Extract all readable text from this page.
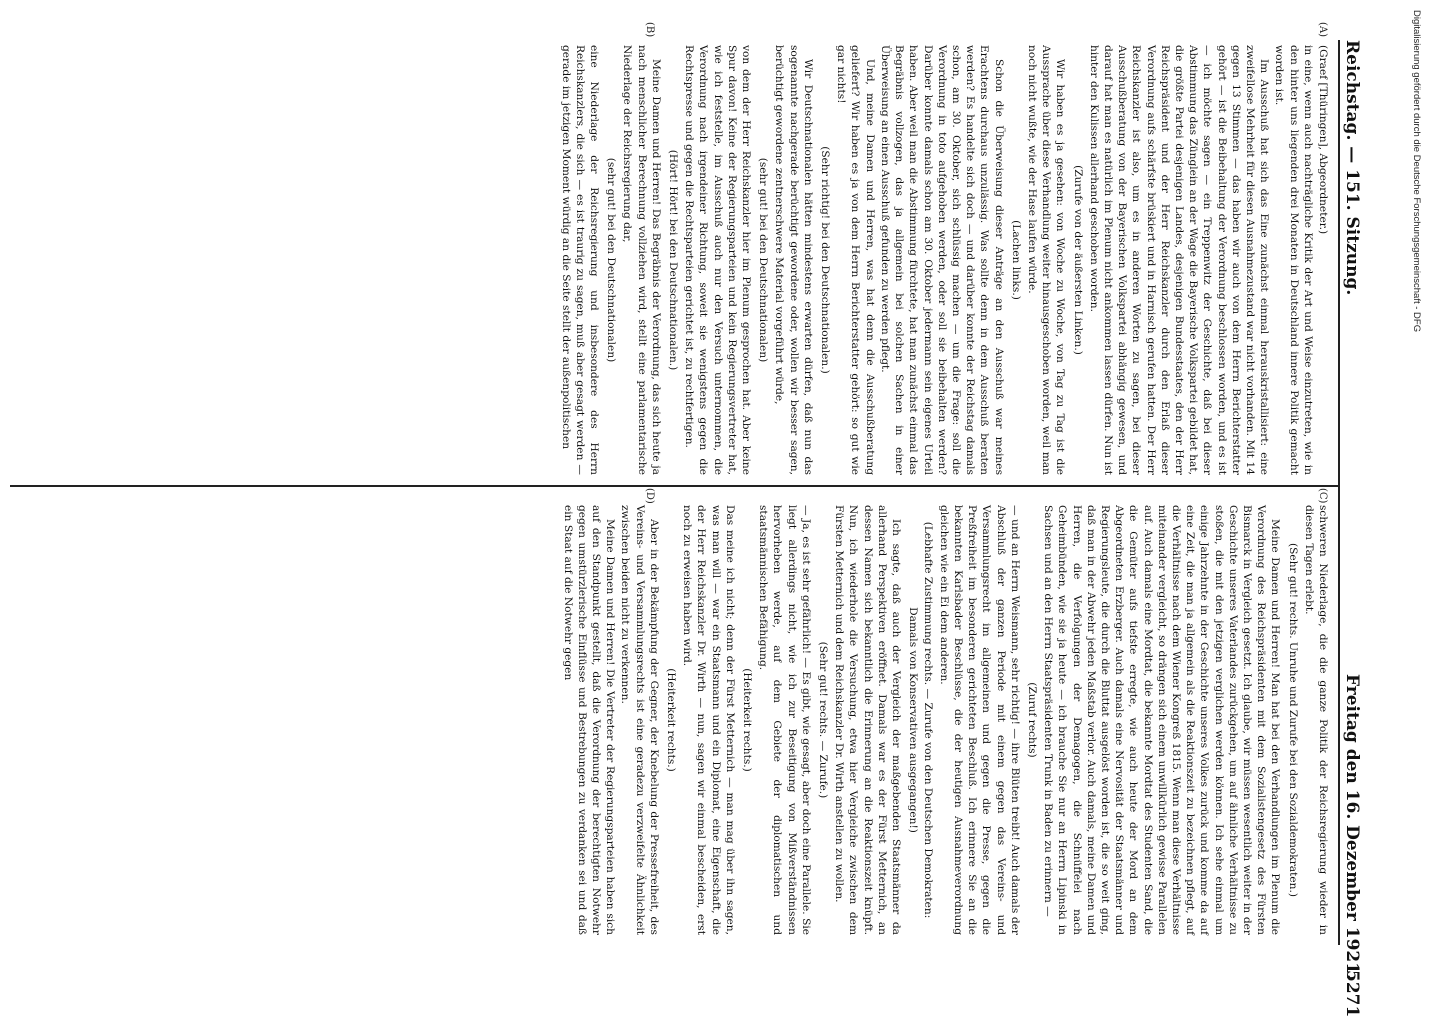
Reichstag. — 151. Sitzung.
Freitag den 16. Dezember 1921.
5271
(A)
(B)
(C)
(D)

(Graef [Thüringen], Abgeordneter.)

in eine, wenn auch nachträgliche Kritik der Art und Weise einzutreten, wie in den hinter uns liegenden drei Monaten in Deutschland innere Politik gemacht worden ist.

Im Ausschuß hat sich das Eine zunächst einmal herauskristallisiert: eine zweifellose Mehrheit für diesen Ausnahmezustand war nicht vorhanden. Mit 14 gegen 13 Stimmen — das haben wir auch von dem Herrn Berichterstatter gehört — ist die Beibehaltung der Verordnung beschlossen worden, und es ist — ich möchte sagen — ein Treppenwitz der Geschichte, daß bei dieser Abstimmung das Zünglein an der Wage die Bayerische Volkspartei gebildet hat, die größte Partei desjenigen Landes, desjenigen Bundesstaates, den der Herr Reichspräsident und der Herr Reichskanzler durch den Erlaß dieser Verordnung aufs schärfste brüskiert und in Harnisch gerufen hatten. Der Herr Reichskanzler ist also, um es in anderen Worten zu sagen, bei dieser Ausschußberatung von der Bayerischen Volkspartei abhängig gewesen, und darauf hat man es natürlich im Plenum nicht ankommen lassen dürfen. Nun ist hinter den Kulissen allerhand geschoben worden.

(Zurufe von der äußersten Linken.)

Wir haben es ja gesehen: von Woche zu Woche, von Tag zu Tag ist die Aussprache über diese Verhandlung weiter hinausgeschoben worden, weil man noch nicht wußte, wie der Hase laufen würde.

(Lachen links.)

Schon die Überweisung dieser Anträge an den Ausschuß war meines Erachtens durchaus unzulässig. Was sollte denn in dem Ausschuß beraten werden? Es handelte sich doch — und darüber konnte der Reichstag damals schon, am 30. Oktober, sich schlüssig machen — um die Frage: soll die Verordnung in toto aufgehoben werden, oder soll sie beibehalten werden? Darüber konnte damals schon am 30. Oktober jedermann sein eigenes Urteil haben. Aber weil man die Abstimmung fürchtete, hat man zunächst einmal das Begräbnis vollzogen, das ja allgemein bei solchen Sachen in einer Überweisung an einen Ausschuß gefunden zu werden pflegt.

Und, meine Damen und Herren, was hat denn die Ausschußberatung geliefert? Wir haben es ja von dem Herrn Berichterstatter gehört: so gut wie gar nichts!

(Sehr richtig! bei den Deutschnationalen.)

Wir Deutschnationalen hätten mindestens erwarten dürfen, daß nun das sogenannte nachgerade berüchtigt gewordene oder, wollen wir besser sagen, berüchtigt gewordene zentnerschwere Material vorgeführt würde,

(sehr gut! bei den Deutschnationalen)

von dem der Herr Reichskanzler hier im Plenum gesprochen hat. Aber keine Spur davon! Keine der Regierungsparteien und kein Regierungsvertreter hat, wie ich feststelle, im Ausschuß auch nur den Versuch unternommen, die Verordnung nach irgendeiner Richtung, soweit sie wenigstens gegen die Rechtspresse und gegen die Rechtsparteien gerichtet ist, zu rechtfertigen.

(Hört! Hört! bei den Deutschnationalen.)

Meine Damen und Herren! Das Begräbnis der Verordnung, das sich heute ja nach menschlicher Berechnung vollziehen wird, stellt eine parlamentarische Niederlage der Reichsregierung dar,

(sehr gut! bei den Deutschnationalen)

eine Niederlage der Reichsregierung und insbesondere des Herrn Reichskanzlers, die sich — es ist traurig zu sagen, muß aber gesagt werden — gerade im jetzigen Moment würdig an die Seite stellt der außenpolitischen

schweren Niederlage, die die ganze Politik der Reichsregierung wieder in diesen Tagen erlebt.

(Sehr gut! rechts. Unruhe und Zurufe bei den Sozialdemokraten.)

Meine Damen und Herren! Man hat bei den Verhandlungen im Plenum die Verordnung des Reichspräsidenten mit dem Sozialistengesetz des Fürsten Bismarck in Vergleich gesetzt. Ich glaube, wir müssen wesentlich weiter in der Geschichte unseres Vaterlandes zurückgehen, um auf ähnliche Verhältnisse zu stoßen, die mit den jetzigen verglichen werden können. Ich sehe einmal um einige Jahrzehnte in der Geschichte unseres Volkes zurück und komme da auf eine Zeit, die man ja allgemein als die Reaktionszeit zu bezeichnen pflegt, auf die Verhältnisse nach dem Wiener Kongreß 1815. Wenn man diese Verhältnisse miteinander vergleicht, so drängen sich einem unwillkürlich gewisse Parallelen auf. Auch damals eine Mordtat, die bekannte Mordtat des Studenten Sand, die die Gemüter aufs tiefste erregte, wie auch heute der Mord an dem Abgeordneten Erzberger. Auch damals eine Nervosität der Staatsmänner und Regierungsleute, die durch die Bluttat ausgelöst worden ist, die so weit ging, daß man in der Abwehr jeden Maßstab verlor. Auch damals, meine Damen und Herren, die Verfolgungen der Demagogen, die Schnüffelei nach Geheimbünden, wie sie ja heute — ich brauche Sie nur an Herrn Lipinski in Sachsen und an den Herrn Staatspräsidenten Trunk in Baden zu erinnern —

(Zuruf rechts)

— und an Herrn Weismann, sehr richtig! — ihre Blüten treibt! Auch damals der Abschluß der ganzen Periode mit einem gegen das Vereins- und Versammlungsrecht im allgemeinen und gegen die Presse, gegen die Preßfreiheit im besonderen gerichteten Beschluß. Ich erinnere Sie an die bekannten Karlsbader Beschlüsse, die der heutigen Ausnahmeverordnung gleichen wie ein Ei dem anderen.

(Lebhafte Zustimmung rechts. — Zurufe von den Deutschen Demokraten: Damals von Konservativen ausgegangen!)

Ich sagte, daß auch der Vergleich der maßgebenden Staatsmänner da allerhand Perspektiven eröffnet. Damals war es der Fürst Metternich, an dessen Namen sich bekanntlich die Erinnerung an die Reaktionszeit knüpft. Nun, ich wiederhole die Versuchung, etwa hier Vergleiche zwischen dem Fürsten Metternich und dem Reichskanzler Dr. Wirth anstellen zu wollen.

(Sehr gut! rechts. — Zurufe.)

— Ja, es ist sehr gefährlich! — Es gibt, wie gesagt, aber doch eine Parallele. Sie liegt allerdings nicht, wie ich zur Beseitigung von Mißverständnissen hervorheben werde, auf dem Gebiete der diplomatischen und staatsmännischen Befähigung.

(Heiterkeit rechts.)

Das meine ich nicht; denn der Fürst Metternich — man mag über ihn sagen, was man will — war ein Staatsmann und ein Diplomat, eine Eigenschaft, die der Herr Reichskanzler Dr. Wirth — nun, sagen wir einmal bescheiden, erst noch zu erweisen haben wird.

(Heiterkeit rechts.)

Aber in der Bekämpfung der Gegner, der Knebelung der Pressefreiheit, des Vereins- und Versammlungsrechts ist eine geradezu verzweifelte Ähnlichkeit zwischen beiden nicht zu verkennen.

Meine Damen und Herren! Die Vertreter der Regierungsparteien haben sich auf den Standpunkt gestellt, daß die Verordnung der berechtigten Notwehr gegen umstürzlerische Einflüsse und Bestrebungen zu verdanken sei und daß ein Staat auf die Notwehr gegen

Digitalisierung gefördert durch die Deutsche Forschungsgemeinschaft - DFG
